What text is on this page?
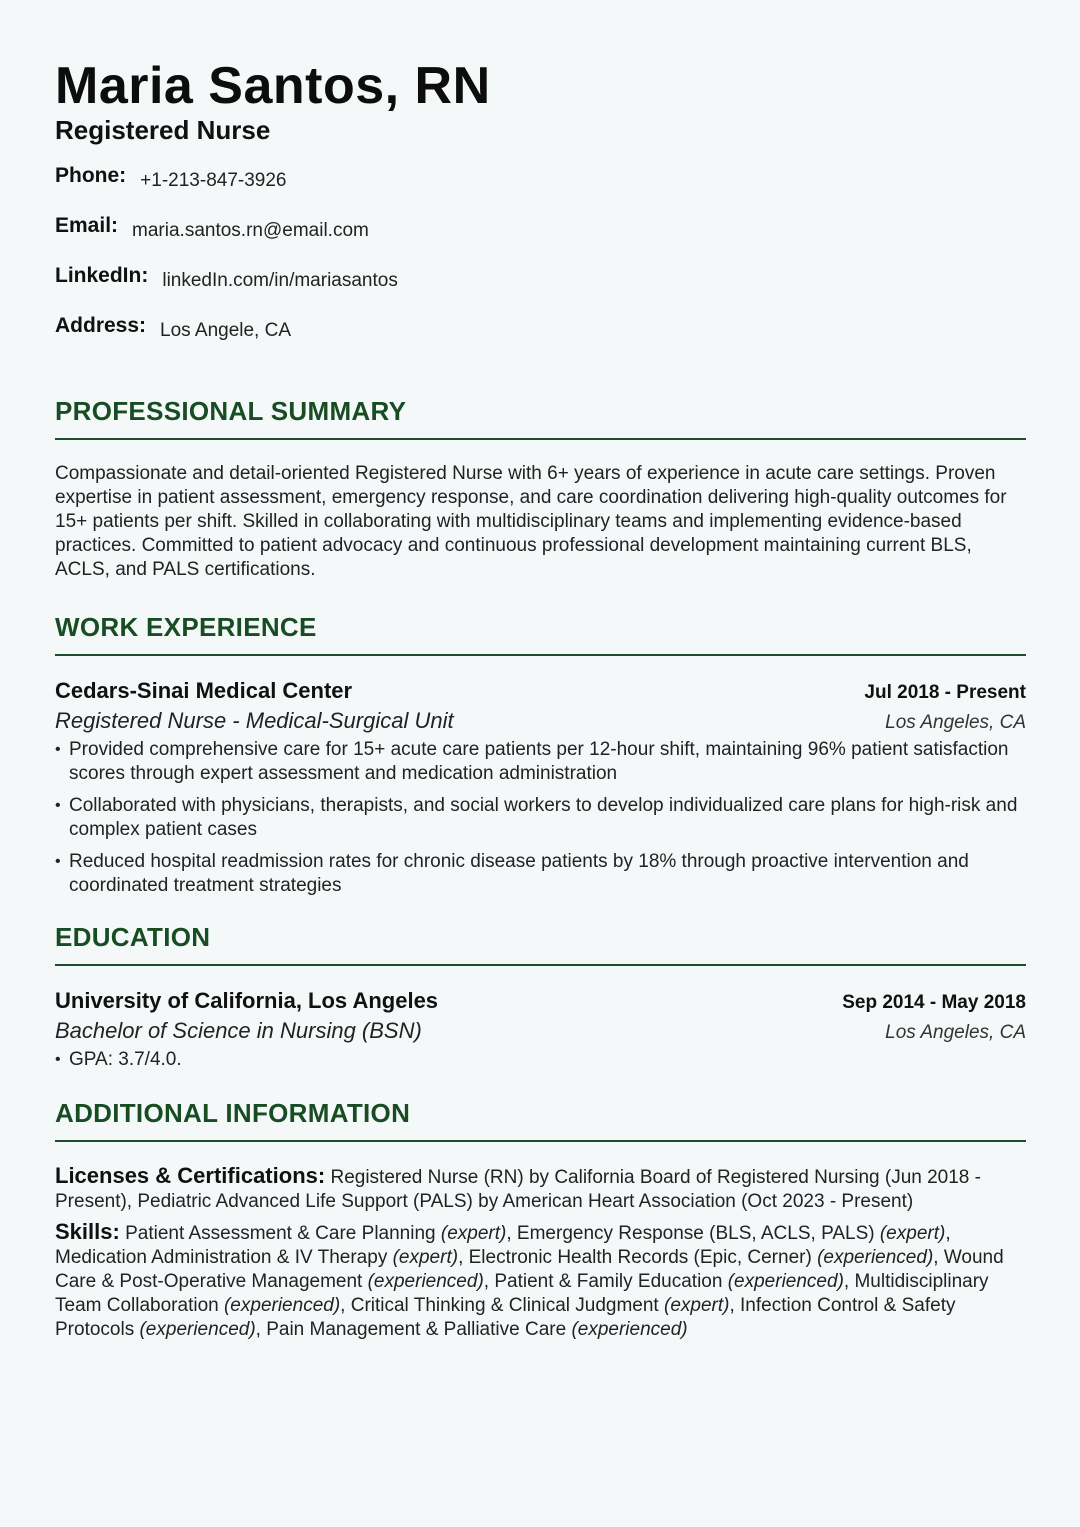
Maria Santos, RN
Registered Nurse
Phone: +1-213-847-3926
Email: maria.santos.rn@email.com
LinkedIn: linkedIn.com/in/mariasantos
Address: Los Angele, CA
PROFESSIONAL SUMMARY

Compassionate and detail-oriented Registered Nurse with 6+ years of experience in acute care settings. Proven expertise in patient assessment, emergency response, and care coordination delivering high-quality outcomes for 15+ patients per shift. Skilled in collaborating with multidisciplinary teams and implementing evidence-based practices. Committed to patient advocacy and continuous professional development maintaining current BLS, ACLS, and PALS certifications.

WORK EXPERIENCE
Cedars-Sinai Medical Center	Jul 2018 - Present
Registered Nurse - Medical-Surgical Unit	Los Angeles, CA
• Provided comprehensive care for 15+ acute care patients per 12-hour shift, maintaining 96% patient satisfaction scores through expert assessment and medication administration
• Collaborated with physicians, therapists, and social workers to develop individualized care plans for high-risk and complex patient cases
• Reduced hospital readmission rates for chronic disease patients by 18% through proactive intervention and coordinated treatment strategies
EDUCATION
University of California, Los Angeles	Sep 2014 - May 2018
Bachelor of Science in Nursing (BSN)	Los Angeles, CA
• GPA: 3.7/4.0.
ADDITIONAL INFORMATION

Licenses & Certifications: Registered Nurse (RN) by California Board of Registered Nursing (Jun 2018 - Present), Pediatric Advanced Life Support (PALS) by American Heart Association (Oct 2023 - Present)

Skills: Patient Assessment & Care Planning (expert), Emergency Response (BLS, ACLS, PALS) (expert), Medication Administration & IV Therapy (expert), Electronic Health Records (Epic, Cerner) (experienced), Wound Care & Post-Operative Management (experienced), Patient & Family Education (experienced), Multidisciplinary Team Collaboration (experienced), Critical Thinking & Clinical Judgment (expert), Infection Control & Safety Protocols (experienced), Pain Management & Palliative Care (experienced)
